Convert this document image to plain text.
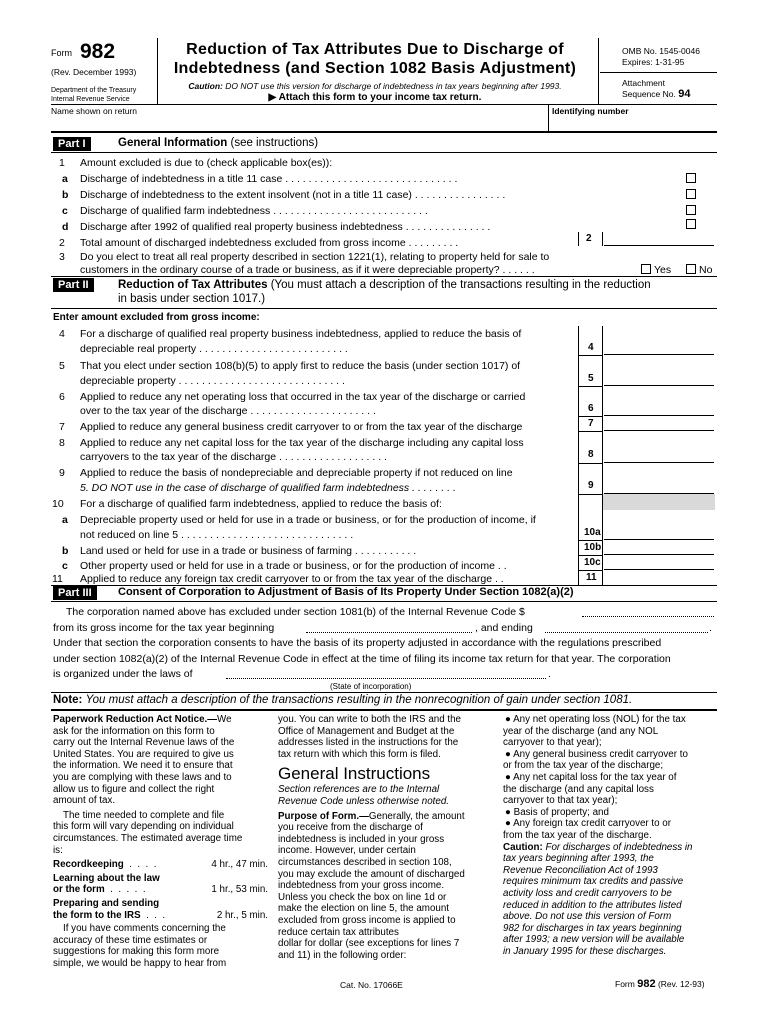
Form 982
(Rev. December 1993)
Department of the Treasury
Internal Revenue Service
Reduction of Tax Attributes Due to Discharge of
Indebtedness (and Section 1082 Basis Adjustment)
Caution: DO NOT use this version for discharge of indebtedness in tax years beginning after 1993.
▶ Attach this form to your income tax return.
OMB No. 1545-0046
Expires: 1-31-95
Attachment
Sequence No. 94
Name shown on return	Identifying number
Part I	General Information (see instructions)
1	Amount excluded is due to (check applicable box(es)):
a	Discharge of indebtedness in a title 11 case . . . . . . . . . . . . . . . . . . . . . . . . . . . . . .
b	Discharge of indebtedness to the extent insolvent (not in a title 11 case) . . . . . . . . . . . . . . . .
c	Discharge of qualified farm indebtedness . . . . . . . . . . . . . . . . . . . . . . . . . . .
d	Discharge after 1992 of qualified real property business indebtedness . . . . . . . . . . . . . . .
2	Total amount of discharged indebtedness excluded from gross income . . . . . . . . .	2
3	Do you elect to treat all real property described in section 1221(1), relating to property held for sale to
customers in the ordinary course of a trade or business, as if it were depreciable property? . . . . . .	Yes	No
Part II	Reduction of Tax Attributes (You must attach a description of the transactions resulting in the reduction
in basis under section 1017.)
Enter amount excluded from gross income:
4	For a discharge of qualified real property business indebtedness, applied to reduce the basis of
depreciable real property . . . . . . . . . . . . . . . . . . . . . . . . . .	4
5	That you elect under section 108(b)(5) to apply first to reduce the basis (under section 1017) of
depreciable property . . . . . . . . . . . . . . . . . . . . . . . . . . . . .	5
6	Applied to reduce any net operating loss that occurred in the tax year of the discharge or carried
over to the tax year of the discharge . . . . . . . . . . . . . . . . . . . . . .	6
7	Applied to reduce any general business credit carryover to or from the tax year of the discharge	7
8	Applied to reduce any net capital loss for the tax year of the discharge including any capital loss
carryovers to the tax year of the discharge . . . . . . . . . . . . . . . . . . .	8
9	Applied to reduce the basis of nondepreciable and depreciable property if not reduced on line
5. DO NOT use in the case of discharge of qualified farm indebtedness . . . . . . . .	9
10 For a discharge of qualified farm indebtedness, applied to reduce the basis of:
a	Depreciable property used or held for use in a trade or business, or for the production of income, if
not reduced on line 5 . . . . . . . . . . . . . . . . . . . . . . . . . . . . . .	10a
b	Land used or held for use in a trade or business of farming . . . . . . . . . . .	10b
c	Other property used or held for use in a trade or business, or for the production of income . .	10c
11 Applied to reduce any foreign tax credit carryover to or from the tax year of the discharge . .	11
Part III	Consent of Corporation to Adjustment of Basis of Its Property Under Section 1082(a)(2)
The corporation named above has excluded under section 1081(b) of the Internal Revenue Code $
from its gross income for the tax year beginning	, and ending	.
Under that section the corporation consents to have the basis of its property adjusted in accordance with the regulations prescribed
under section 1082(a)(2) of the Internal Revenue Code in effect at the time of filing its income tax return for that year. The corporation
is organized under the laws of	.
(State of incorporation)
Note: You must attach a description of the transactions resulting in the nonrecognition of gain under section 1081.
Paperwork Reduction Act Notice.—We
ask for the information on this form to
carry out the Internal Revenue laws of the
United States. You are required to give us
the information. We need it to ensure that
you are complying with these laws and to
allow us to figure and collect the right
amount of tax.
The time needed to complete and file
this form will vary depending on individual
circumstances. The estimated average time
is:
Recordkeeping  .  .  .  .	4 hr., 47 min.
Learning about the law
or the form  .  .  .  .  .	1 hr., 53 min.
Preparing and sending
the form to the IRS  .  .  .	2 hr., 5 min.
If you have comments concerning the
accuracy of these time estimates or
suggestions for making this form more
simple, we would be happy to hear from
you. You can write to both the IRS and the
Office of Management and Budget at the
addresses listed in the instructions for the
tax return with which this form is filed.
General Instructions
Section references are to the Internal
Revenue Code unless otherwise noted.
Purpose of Form.—Generally, the amount
you receive from the discharge of
indebtedness is included in your gross
income. However, under certain
circumstances described in section 108,
you may exclude the amount of discharged
indebtedness from your gross income.
Unless you check the box on line 1d or
make the election on line 5, the amount
excluded from gross income is applied to
reduce certain tax attributes
dollar for dollar (see exceptions for lines 7
and 11) in the following order:
● Any net operating loss (NOL) for the tax
year of the discharge (and any NOL
carryover to that year);
● Any general business credit carryover to
or from the tax year of the discharge;
● Any net capital loss for the tax year of
the discharge (and any capital loss
carryover to that tax year);
● Basis of property; and
● Any foreign tax credit carryover to or
from the tax year of the discharge.
Caution: For discharges of indebtedness in
tax years beginning after 1993, the
Revenue Reconciliation Act of 1993
requires minimum tax credits and passive
activity loss and credit carryovers to be
reduced in addition to the attributes listed
above. Do not use this version of Form
982 for discharges in tax years beginning
after 1993; a new version will be available
in January 1995 for these discharges.
Cat. No. 17066E	Form 982 (Rev. 12-93)
